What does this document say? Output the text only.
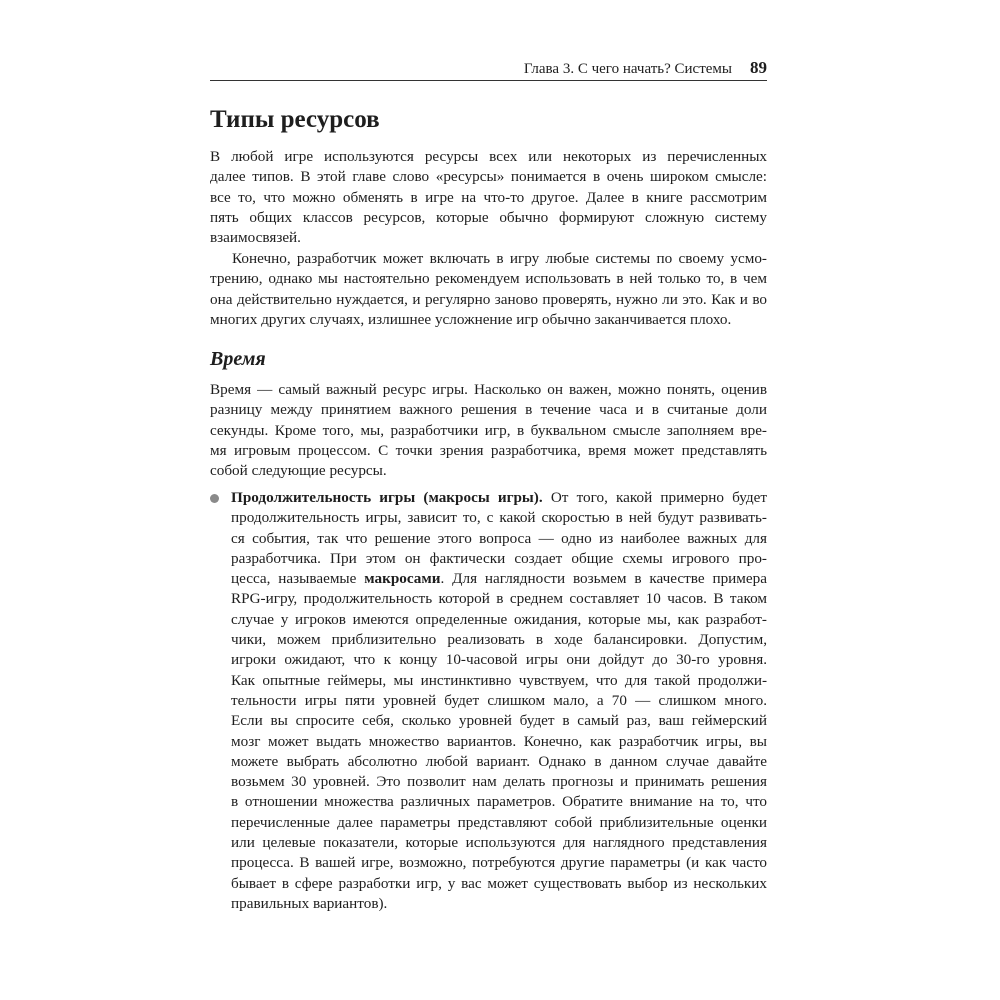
Глава 3. С чего начать? Системы 89
Типы ресурсов
В любой игре используются ресурсы всех или некоторых из перечисленных
далее типов. В этой главе слово «ресурсы» понимается в очень широком смысле:
все то, что можно обменять в игре на что-то другое. Далее в книге рассмотрим
пять общих классов ресурсов, которые обычно формируют сложную систему
взаимосвязей.
Конечно, разработчик может включать в игру любые системы по своему усмо-
трению, однако мы настоятельно рекомендуем использовать в ней только то, в чем
она действительно нуждается, и регулярно заново проверять, нужно ли это. Как и во
многих других случаях, излишнее усложнение игр обычно заканчивается плохо.
Время
Время — самый важный ресурс игры. Насколько он важен, можно понять, оценив
разницу между принятием важного решения в течение часа и в считаные доли
секунды. Кроме того, мы, разработчики игр, в буквальном смысле заполняем вре-
мя игровым процессом. С точки зрения разработчика, время может представлять
собой следующие ресурсы.
Продолжительность игры (макросы игры). От того, какой примерно будет
продолжительность игры, зависит то, с какой скоростью в ней будут развивать-
ся события, так что решение этого вопроса — одно из наиболее важных для
разработчика. При этом он фактически создает общие схемы игрового про-
цесса, называемые макросами. Для наглядности возьмем в качестве примера
RPG-игру, продолжительность которой в среднем составляет 10 часов. В таком
случае у игроков имеются определенные ожидания, которые мы, как разработ-
чики, можем приблизительно реализовать в ходе балансировки. Допустим,
игроки ожидают, что к концу 10-часовой игры они дойдут до 30-го уровня.
Как опытные геймеры, мы инстинктивно чувствуем, что для такой продолжи-
тельности игры пяти уровней будет слишком мало, а 70 — слишком много.
Если вы спросите себя, сколько уровней будет в самый раз, ваш геймерский
мозг может выдать множество вариантов. Конечно, как разработчик игры, вы
можете выбрать абсолютно любой вариант. Однако в данном случае давайте
возьмем 30 уровней. Это позволит нам делать прогнозы и принимать решения
в отношении множества различных параметров. Обратите внимание на то, что
перечисленные далее параметры представляют собой приблизительные оценки
или целевые показатели, которые используются для наглядного представления
процесса. В вашей игре, возможно, потребуются другие параметры (и как часто
бывает в сфере разработки игр, у вас может существовать выбор из нескольких
правильных вариантов).
